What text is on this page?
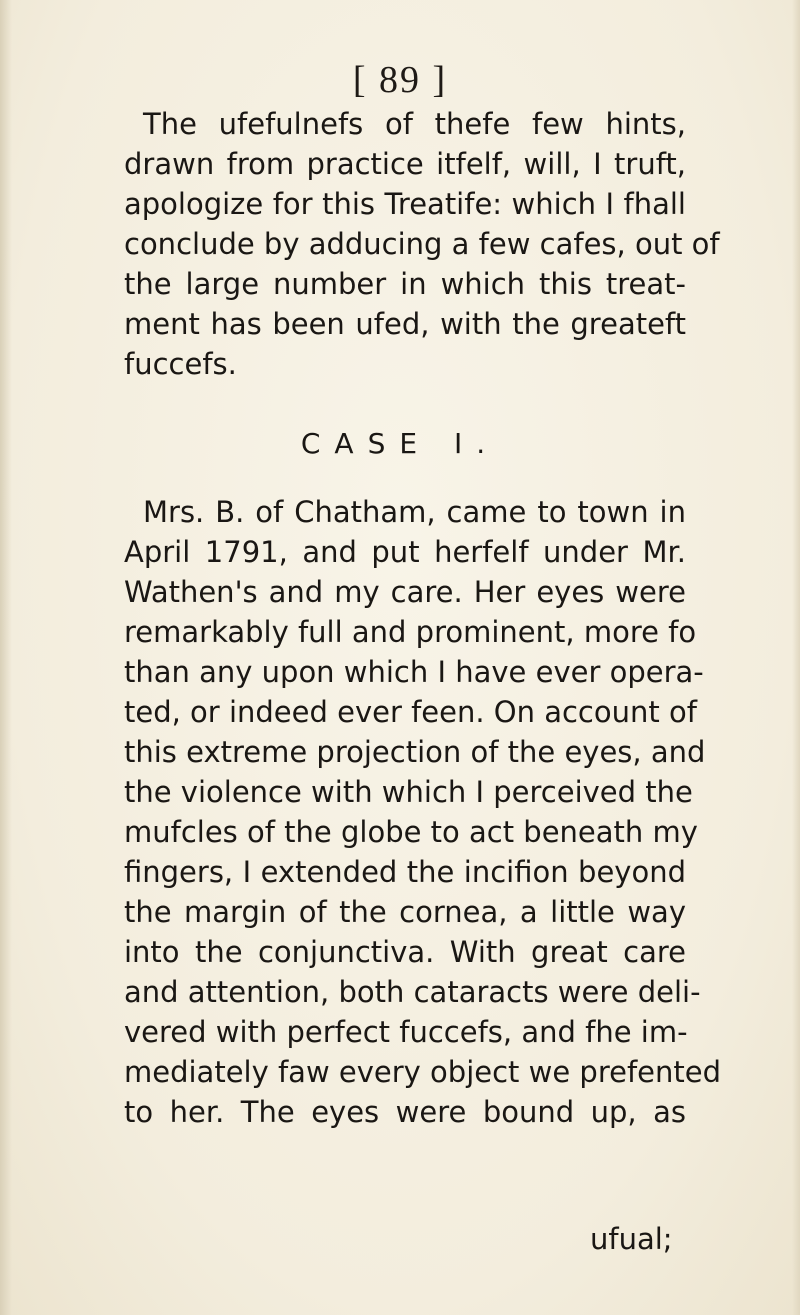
[ 89 ]
The ufefulnefs of thefe few hints,
drawn from practice itfelf, will, I truft,
apologize for this Treatife: which I fhall
conclude by adducing a few cafes, out of
the large number in which this treat-
ment has been ufed, with the greateft
fuccefs.
CASE I.
Mrs. B. of Chatham, came to town in
April 1791, and put herfelf under Mr.
Wathen's and my care. Her eyes were
remarkably full and prominent, more fo
than any upon which I have ever opera-
ted, or indeed ever feen. On account of
this extreme projection of the eyes, and
the violence with which I perceived the
mufcles of the globe to act beneath my
fingers, I extended the incifion beyond
the margin of the cornea, a little way
into the conjunctiva. With great care
and attention, both cataracts were deli-
vered with perfect fuccefs, and fhe im-
mediately faw every object we prefented
to her. The eyes were bound up, as
ufual;
